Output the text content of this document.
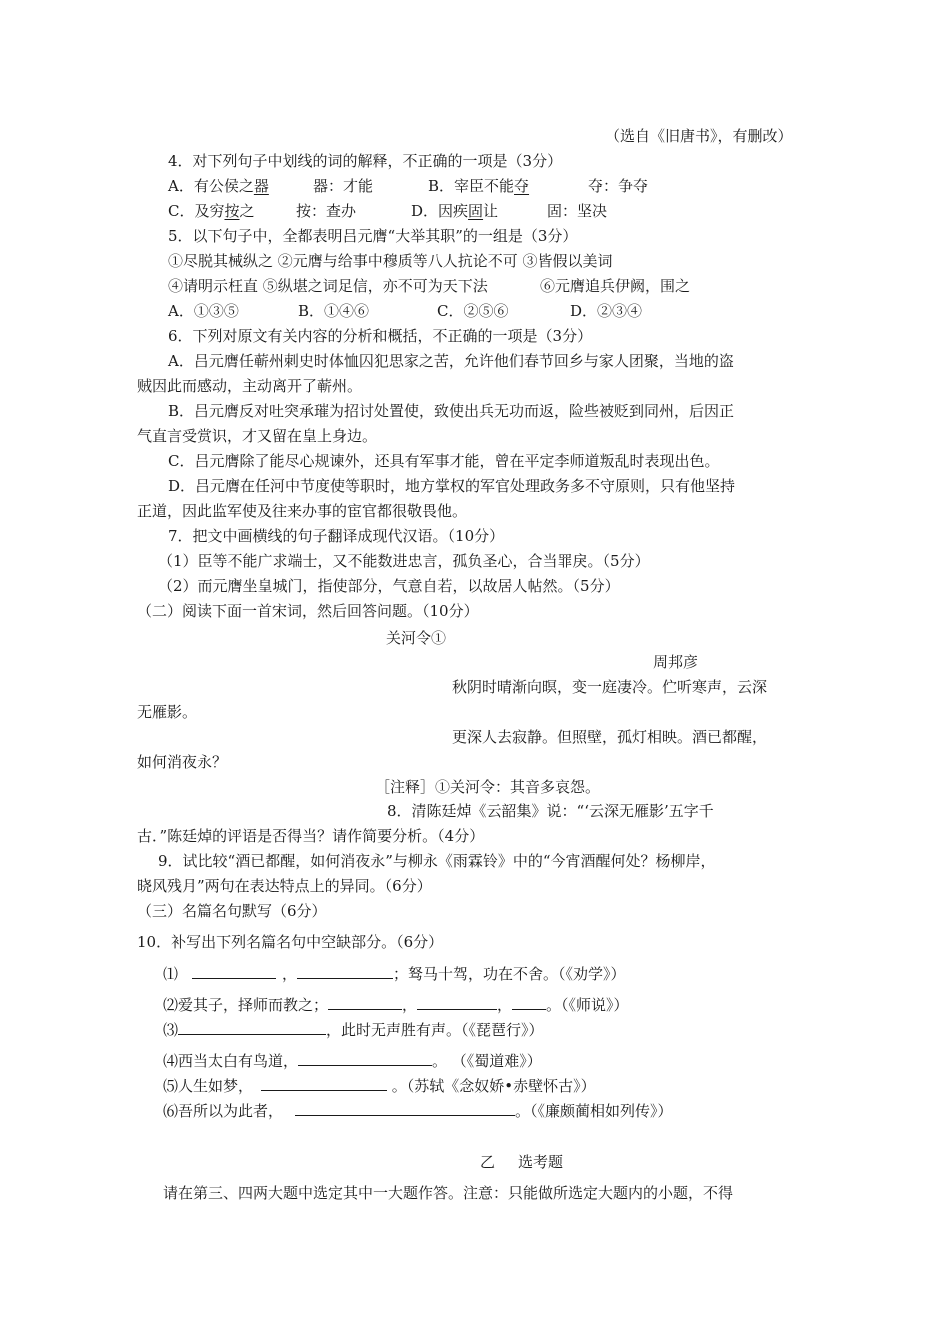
（选自《旧唐书》，有删改）
4．对下列句子中划线的词的解释，不正确的一项是（3分）
A．有公侯之器	器：才能	B．宰臣不能夺	夺：争夺
C．及穷按之	按：查办	D．因疾固让	固：坚决
5．以下句子中，全都表明吕元膺“大举其职”的一组是（3分）
①尽脱其械纵之 ②元膺与给事中穆质等八人抗论不可 ③皆假以美词
④请明示枉直 ⑤纵堪之词足信，亦不可为天下法	⑥元膺追兵伊阙，围之
A．①③⑤	B．①④⑥	C．②⑤⑥	D．②③④
6．下列对原文有关内容的分析和概括，不正确的一项是（3分）
A．吕元膺任蕲州刺史时体恤囚犯思家之苦，允许他们春节回乡与家人团聚，当地的盗
贼因此而感动，主动离开了蕲州。
B．吕元膺反对吐突承璀为招讨处置使，致使出兵无功而返，险些被贬到同州，后因正
气直言受赏识，才又留在皇上身边。
C．吕元膺除了能尽心规谏外，还具有军事才能，曾在平定李师道叛乱时表现出色。
D．吕元膺在任河中节度使等职时，地方掌权的军官处理政务多不守原则，只有他坚持
正道，因此监军使及往来办事的宦官都很敬畏他。
7．把文中画横线的句子翻译成现代汉语。（10分）
（1）臣等不能广求端士，又不能数进忠言，孤负圣心，合当罪戾。（5分）
（2）而元膺坐皇城门，指使部分，气意自若，以故居人帖然。（5分）
（二）阅读下面一首宋词，然后回答问题。（10分）
关河令①
周邦彦
秋阴时晴渐向暝，变一庭凄冷。伫听寒声，云深
无雁影。
更深人去寂静。但照壁，孤灯相映。酒已都醒，
如何消夜永？
［注释］①关河令：其音多哀怨。
8．清陈廷焯《云韶集》说：“‘云深无雁影’五字千
古．”陈廷焯的评语是否得当？请作简要分析。（4分）
9．试比较“酒已都醒，如何消夜永”与柳永《雨霖铃》中的“今宵酒醒何处？杨柳岸，
晓风残月”两句在表达特点上的异同。（6分）
（三）名篇名句默写（6分）
10．补写出下列名篇名句中空缺部分。（6分）
⑴	，	；驽马十驾，功在不舍。（《劝学》）
⑵爱其子，择师而教之；	，	， 。（《师说》）
⑶	，此时无声胜有声。（《琵琶行》）
⑷西当太白有鸟道，	。 （《蜀道难》）
⑸人生如梦，	。（苏轼《念奴娇•赤壁怀古》）
⑹吾所以为此者，	。（《廉颇蔺相如列传》）
乙 选考题
请在第三、四两大题中选定其中一大题作答。注意：只能做所选定大题内的小题，不得
